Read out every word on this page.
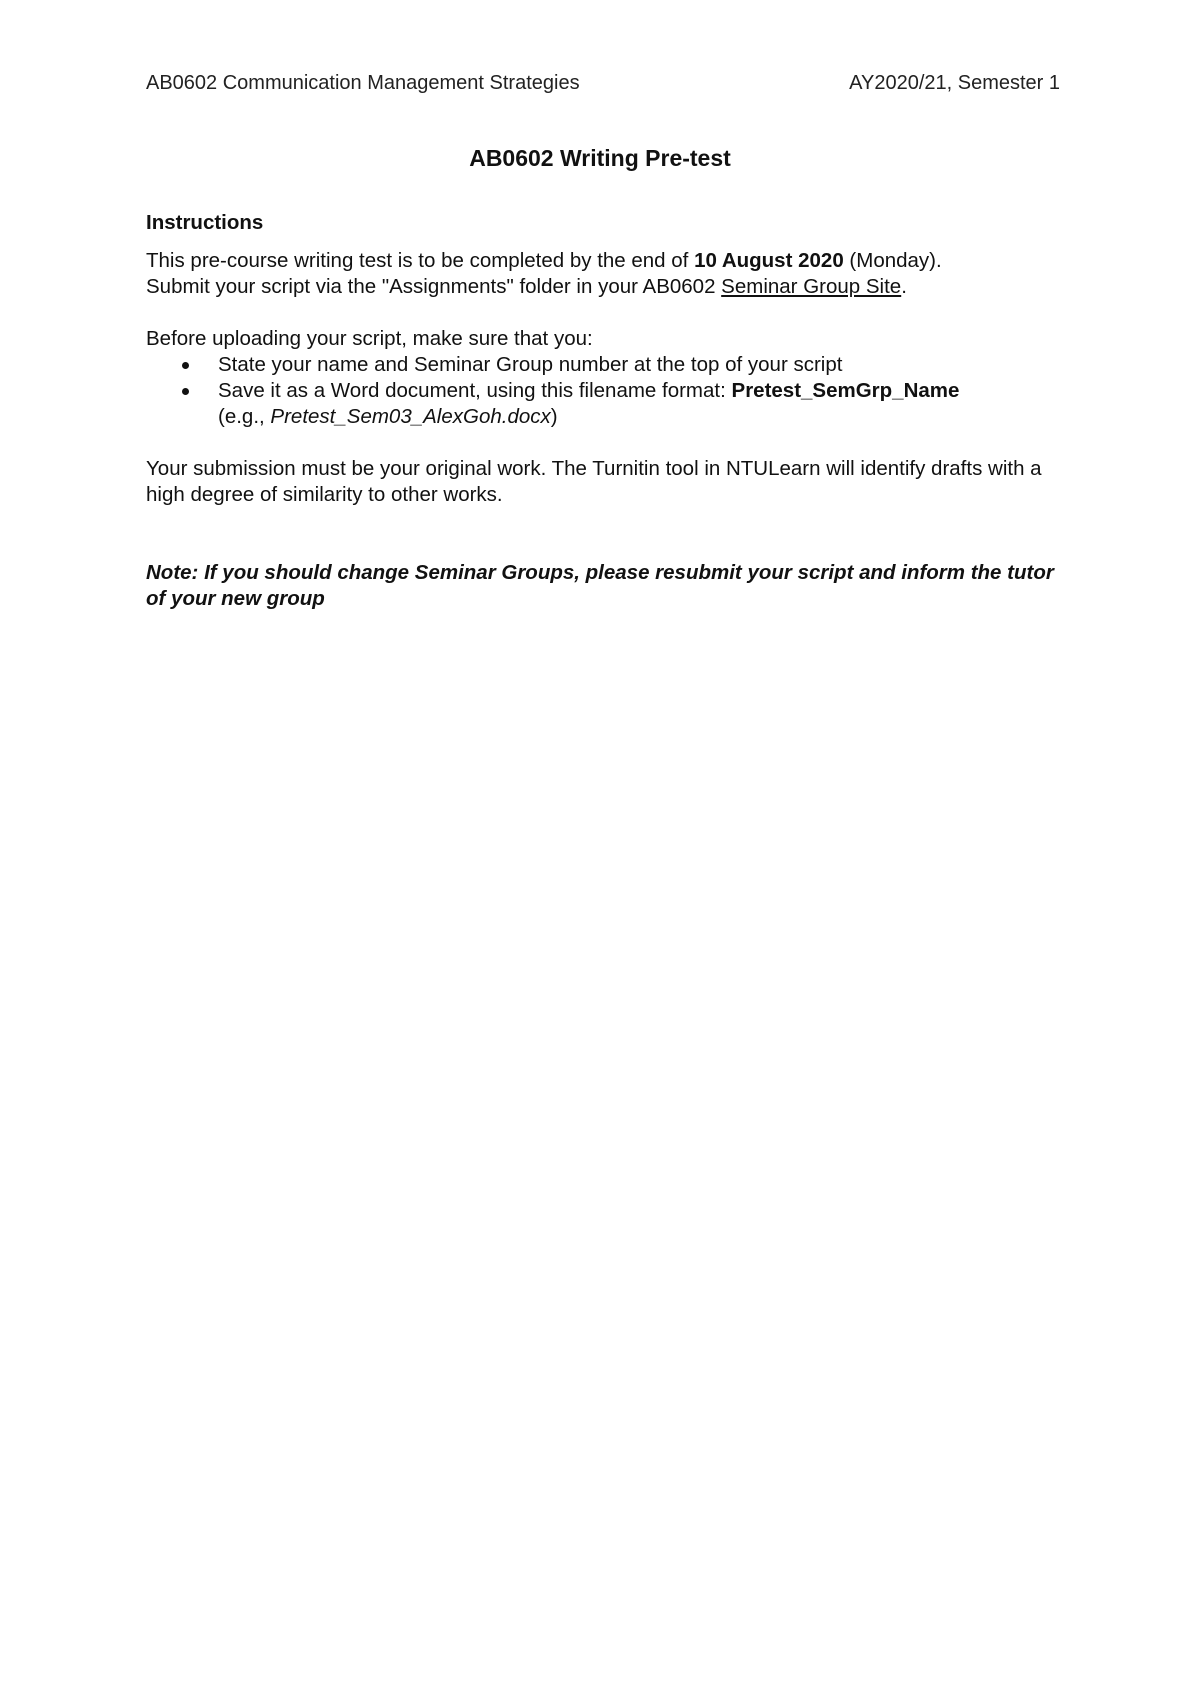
AB0602 Communication Management Strategies	AY2020/21, Semester 1
AB0602 Writing Pre-test
Instructions

This pre-course writing test is to be completed by the end of 10 August 2020 (Monday).
Submit your script via the "Assignments" folder in your AB0602 Seminar Group Site.

Before uploading your script, make sure that you:

State your name and Seminar Group number at the top of your script
Save it as a Word document, using this filename format: Pretest_SemGrp_Name
(e.g., Pretest_Sem03_AlexGoh.docx)

Your submission must be your original work. The Turnitin tool in NTULearn will identify drafts with a high degree of similarity to other works.

Note: If you should change Seminar Groups, please resubmit your script and inform the tutor of your new group
